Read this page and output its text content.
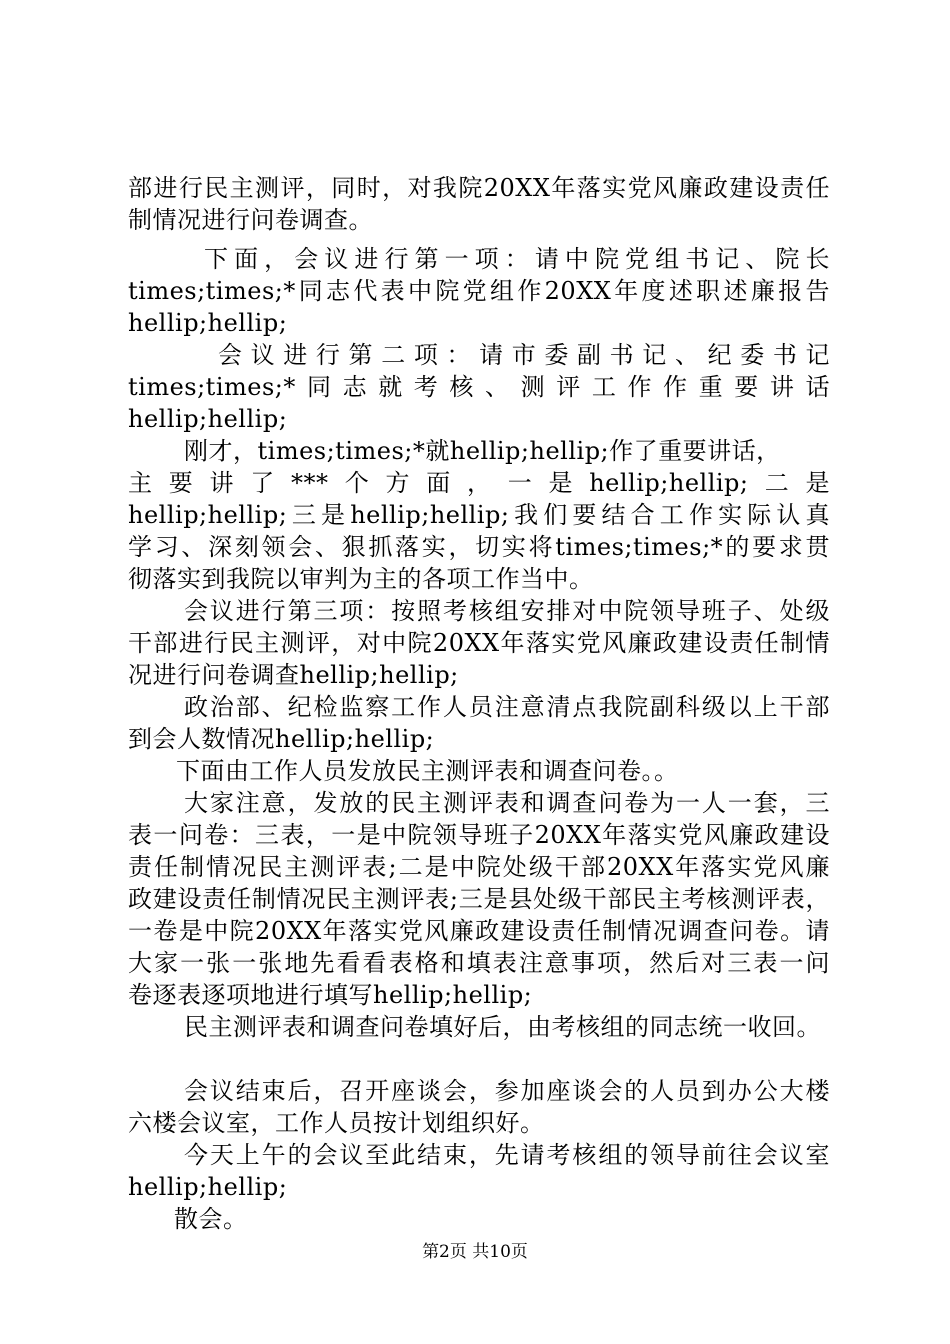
部进行民主测评，同时，对我院20XX年落实党风廉政建设责任
制情况进行问卷调查。
下面，会议进行第一项：请中院党组书记、院长
times;times;*同志代表中院党组作20XX年度述职述廉报告
hellip;hellip;
会议进行第二项：请市委副书记、纪委书记
times;times;*同志就考核、测评工作作重要讲话
hellip;hellip;
刚才，times;times;*就hellip;hellip;作了重要讲话，
主要讲了***个方面，一是hellip;hellip;二是
hellip;hellip;三是hellip;hellip;我们要结合工作实际认真
学习、深刻领会、狠抓落实，切实将times;times;*的要求贯
彻落实到我院以审判为主的各项工作当中。
会议进行第三项：按照考核组安排对中院领导班子、处级
干部进行民主测评，对中院20XX年落实党风廉政建设责任制情
况进行问卷调查hellip;hellip;
政治部、纪检监察工作人员注意清点我院副科级以上干部
到会人数情况hellip;hellip;
下面由工作人员发放民主测评表和调查问卷。。
大家注意，发放的民主测评表和调查问卷为一人一套，三
表一问卷：三表，一是中院领导班子20XX年落实党风廉政建设
责任制情况民主测评表;二是中院处级干部20XX年落实党风廉
政建设责任制情况民主测评表;三是县处级干部民主考核测评表，
一卷是中院20XX年落实党风廉政建设责任制情况调查问卷。请
大家一张一张地先看看表格和填表注意事项，然后对三表一问
卷逐表逐项地进行填写hellip;hellip;
民主测评表和调查问卷填好后，由考核组的同志统一收回。
会议结束后，召开座谈会，参加座谈会的人员到办公大楼
六楼会议室，工作人员按计划组织好。
今天上午的会议至此结束，先请考核组的领导前往会议室
hellip;hellip;
散会。
第2页 共10页
